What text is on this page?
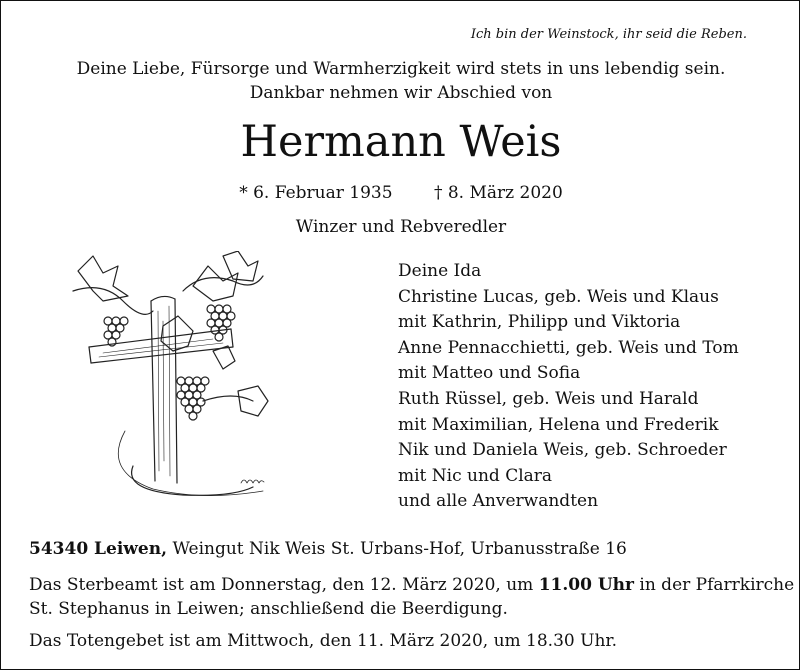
Ich bin der Weinstock, ihr seid die Reben.
Deine Liebe, Fürsorge und Warmherzigkeit wird stets in uns lebendig sein.
Dankbar nehmen wir Abschied von
Hermann Weis
* 6. Februar 1935 † 8. März 2020
Winzer und Rebveredler
Deine Ida
Christine Lucas, geb. Weis und Klaus
mit Kathrin, Philipp und Viktoria
Anne Pennacchietti, geb. Weis und Tom
mit Matteo und Sofia
Ruth Rüssel, geb. Weis und Harald
mit Maximilian, Helena und Frederik
Nik und Daniela Weis, geb. Schroeder
mit Nic und Clara
und alle Anverwandten
54340 Leiwen, Weingut Nik Weis St. Urbans-Hof, Urbanusstraße 16
Das Sterbeamt ist am Donnerstag, den 12. März 2020, um 11.00 Uhr in der Pfarrkirche
St. Stephanus in Leiwen; anschließend die Beerdigung.
Das Totengebet ist am Mittwoch, den 11. März 2020, um 18.30 Uhr.
